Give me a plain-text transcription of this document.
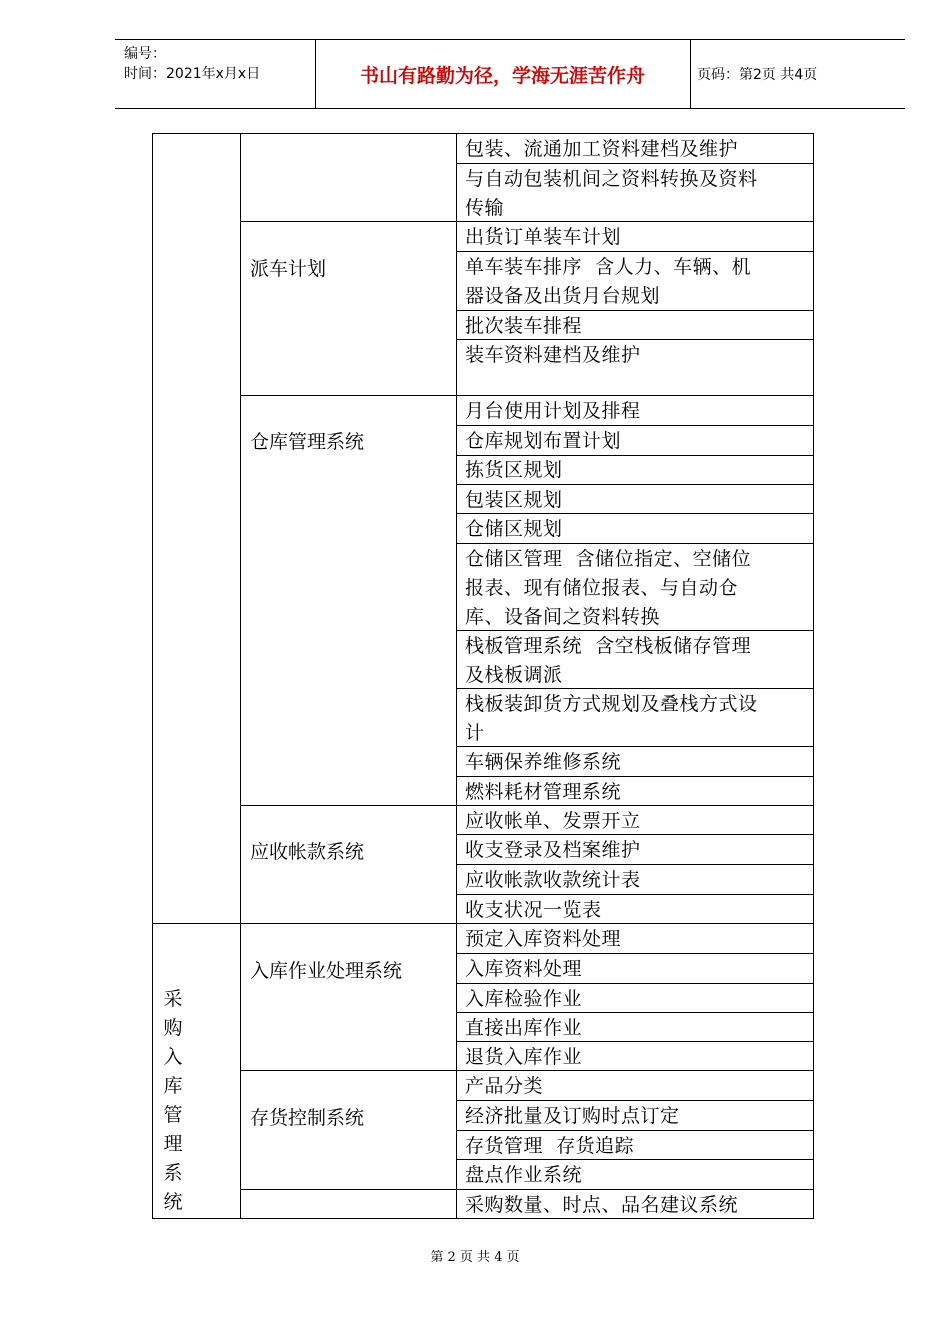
编号：
时间：2021年x月x日	书山有路勤为径，学海无涯苦作舟	页码：第2页 共4页
采购入库管理系统
派车计划
仓库管理系统
应收帐款系统
入库作业处理系统
存货控制系统
包装、流通加工资料建档及维护
与自动包装机间之资料转换及资料
传输
出货订单装车计划
单车装车排序  含人力、车辆、机
器设备及出货月台规划
批次装车排程
装车资料建档及维护
月台使用计划及排程
仓库规划布置计划
拣货区规划
包装区规划
仓储区规划
仓储区管理  含储位指定、空储位
报表、现有储位报表、与自动仓
库、设备间之资料转换
栈板管理系统  含空栈板储存管理
及栈板调派
栈板装卸货方式规划及叠栈方式设
计
车辆保养维修系统
燃料耗材管理系统
应收帐单、发票开立
收支登录及档案维护
应收帐款收款统计表
收支状况一览表
预定入库资料处理
入库资料处理
入库检验作业
直接出库作业
退货入库作业
产品分类
经济批量及订购时点订定
存货管理  存货追踪
盘点作业系统
采购数量、时点、品名建议系统
第 2 页 共 4 页
